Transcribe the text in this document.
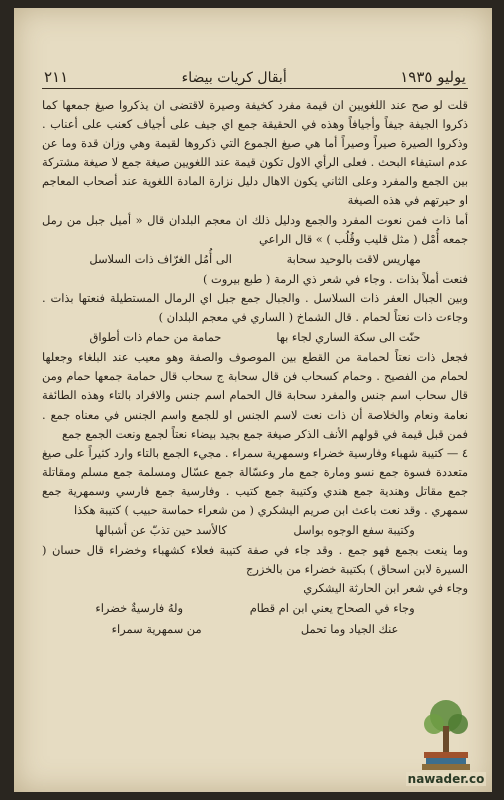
يوليو ١٩٣٥
أبقال كريات بيضاء
٢١١

قلت لو صح عند اللغويين ان قيمة مفرد كخيفة وصيرة لاقتضى ان يذكروا صيغ جمعها كما ذكروا الجيفة جيفاً وأجيافاً وهذه في الحقيقة جمع اي جيف على أجياف كعنب على أعناب . وذكروا الصيرة صيراً وصيراً أما هي صيغ الجموع التي ذكروها لقيمة وهي وزان قدة وما عن عدم استيفاء البحث . فعلى الرأي الاول تكون قيمة عند اللغويين صيغة جمع لا صيغة مشتركة بين الجمع والمفرد وعلى الثاني يكون الاهال دليل نزارة المادة اللغوية عند أصحاب المعاجم او حيرتهم في هذه الصيغة

أما ذات فمن نعوت المفرد والجمع ودليل ذلك ان معجم البلدان قال « أميل جبل من رمل جمعه أُمْل ( مثل قليب وقُلُب ) » قال الراعي

مهاريس لاقت بالوحيد سحابة
الى أُمُل الغرّاف ذات السلاسل

فنعت أملاً بذات . وجاء في شعر ذي الرمة ( طبع بيروت )

وبين الجبال العفر ذات السلاسل . والجبال جمع جبل اي الرمال المستطيلة فنعتها بذات . وجاءت ذات نعتاً لحمام . قال الشماخ ( الساري في معجم البلدان )

حنّت الى سكة الساري لجاء بها
حمامة من حمام ذات أطواق

فجعل ذات نعتاً لحمامة من القطع بين الموصوف والصفة وهو معيب عند البلغاء وجعلها لحمام من الفصيح . وحمام كسحاب فن قال سحابة ج سحاب قال حمامة جمعها حمام ومن قال سحاب اسم جنس والمفرد سحابة قال الحمام اسم جنس والافراد بالتاء وهذه الطائفة نعامة ونعام والخلاصة أن ذات نعت لاسم الجنس او للجمع واسم الجنس في معناه جمع . فمن قبل قيمة في قولهم الأنف الذكر صيغة جمع بجيد بيضاء نعتاً لجمع ونعت الجمع جمع

٤ — كتيبة شهباء وفارسية خضراء وسمهرية سمراء . مجيء الجمع بالتاء وارد كثيراً على صيغ متعددة فسوة جمع نسو ومارة جمع مار وعسّالة جمع عسّال ومسلمة جمع مسلم ومقاتلة جمع مقاتل وهندية جمع هندي وكتيبة جمع كتيب . وفارسية جمع فارسي وسمهرية جمع سمهري . وقد نعت باعث ابن صريم اليشكري ( من شعراء حماسة حبيب ) كتيبة هكذا

وكتيبة سفع الوجوه بواسل
كالأسد حين تذبّ عن أشبالها

وما ينعت بجمع فهو جمع . وقد جاء في صفة كتيبة فعلاء كشهباء وخضراء قال حسان ( السيرة لابن اسحاق ) بكتيبة خضراء من بالخزرج

وجاء في شعر ابن الحارثة اليشكري

وجاء في الصحاح يعني ابن ام قطام
ولهُ فارسيةٌ خضراء
عنك الجياد وما تحمل
من سمهرية سمراء
nawader.co
